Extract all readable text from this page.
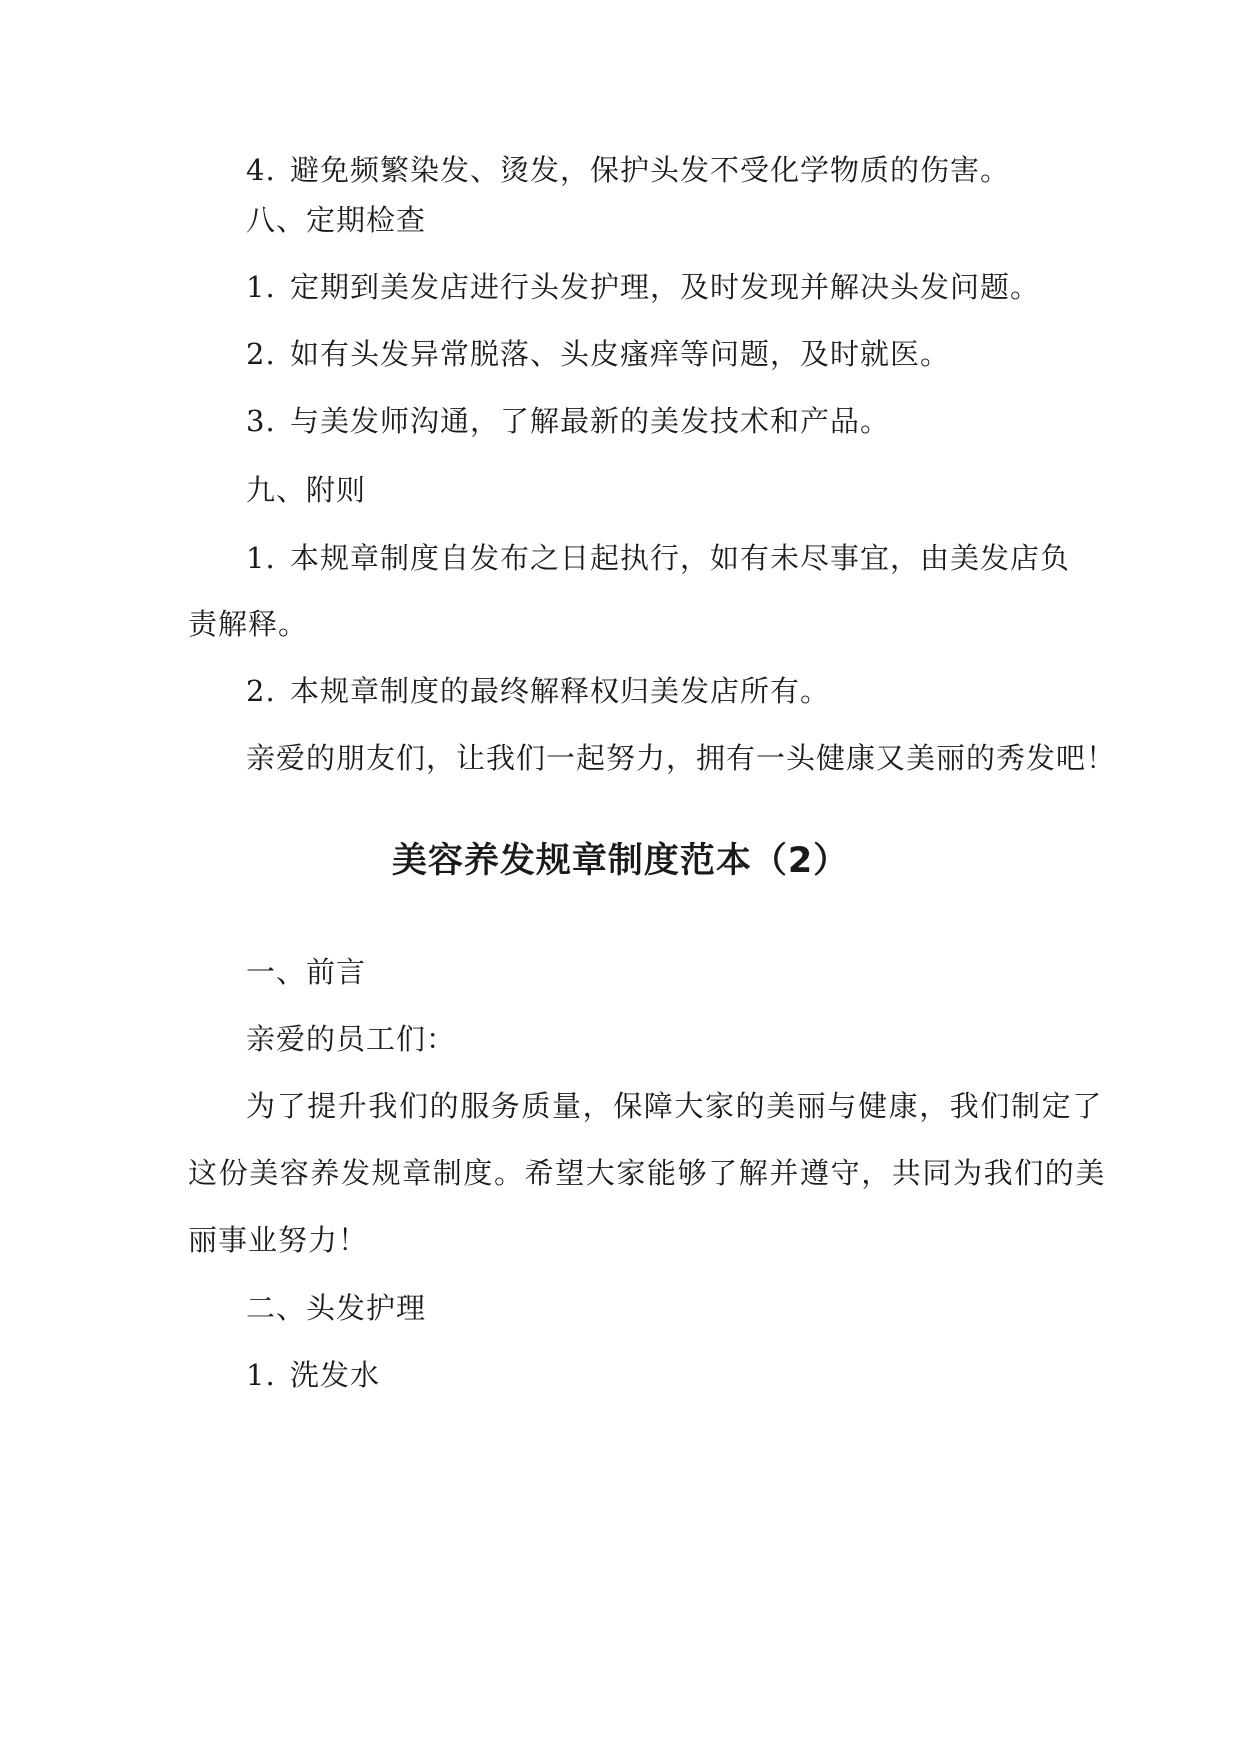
4. 避免频繁染发、烫发，保护头发不受化学物质的伤害。
八、定期检查
1. 定期到美发店进行头发护理，及时发现并解决头发问题。
2. 如有头发异常脱落、头皮瘙痒等问题，及时就医。
3. 与美发师沟通，了解最新的美发技术和产品。
九、附则
1. 本规章制度自发布之日起执行，如有未尽事宜，由美发店负
责解释。
2. 本规章制度的最终解释权归美发店所有。
亲爱的朋友们，让我们一起努力，拥有一头健康又美丽的秀发吧！
美容养发规章制度范本（2）
一、前言
亲爱的员工们：
为了提升我们的服务质量，保障大家的美丽与健康，我们制定了
这份美容养发规章制度。希望大家能够了解并遵守，共同为我们的美
丽事业努力！
二、头发护理
1. 洗发水
